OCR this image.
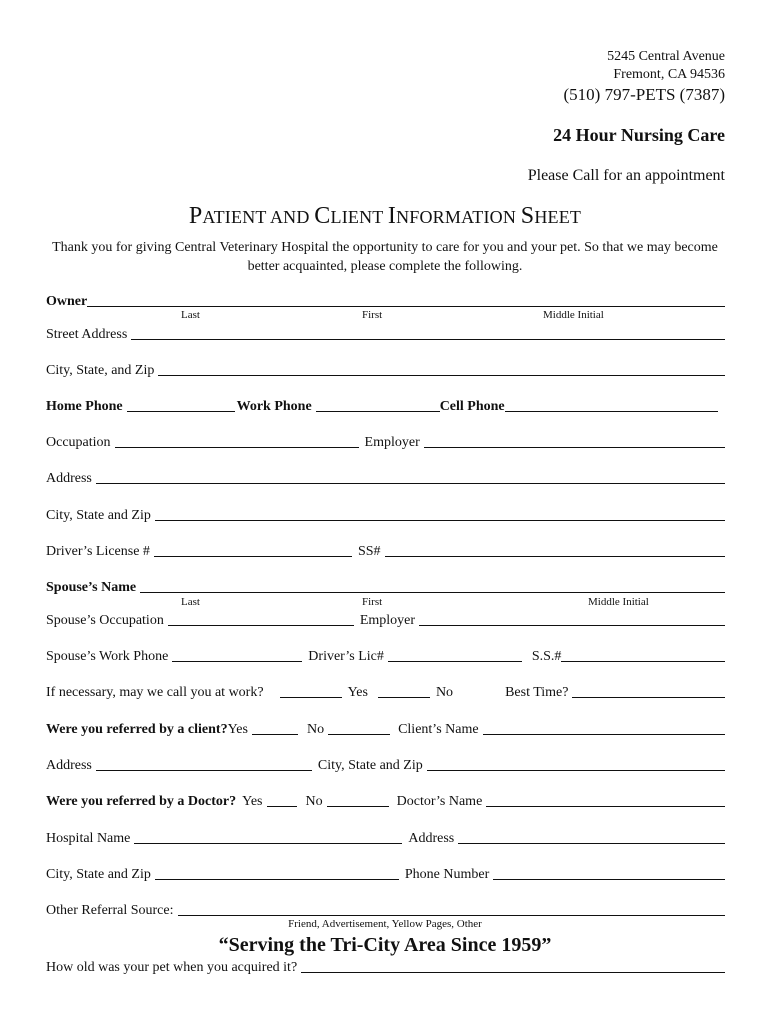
5245 Central Avenue
Fremont, CA 94536
(510) 797-PETS (7387)
24 Hour Nursing Care
Please Call for an appointment
PATIENT AND CLIENT INFORMATION SHEET
Thank you for giving Central Veterinary Hospital the opportunity to care for you and your pet. So that we may become better acquainted, please complete the following.
Owner
Last	First	Middle Initial
Street Address
City, State, and Zip
Home Phone	Work Phone	Cell Phone
Occupation	Employer
Address
City, State and Zip
Driver’s License #	SS#
Spouse’s Name
Last	First	Middle Initial
Spouse’s Occupation	Employer
Spouse’s Work Phone	Driver’s Lic#	S.S.#
If necessary, may we call you at work?	Yes	No	Best Time?
Were you referred by a client? Yes	No	Client’s Name
Address	City, State and Zip
Were you referred by a Doctor? Yes	No	Doctor’s Name
Hospital Name	Address
City, State and Zip	Phone Number
Other Referral Source:
Friend, Advertisement, Yellow Pages, Other
“Serving the Tri-City Area Since 1959”
How old was your pet when you acquired it?
